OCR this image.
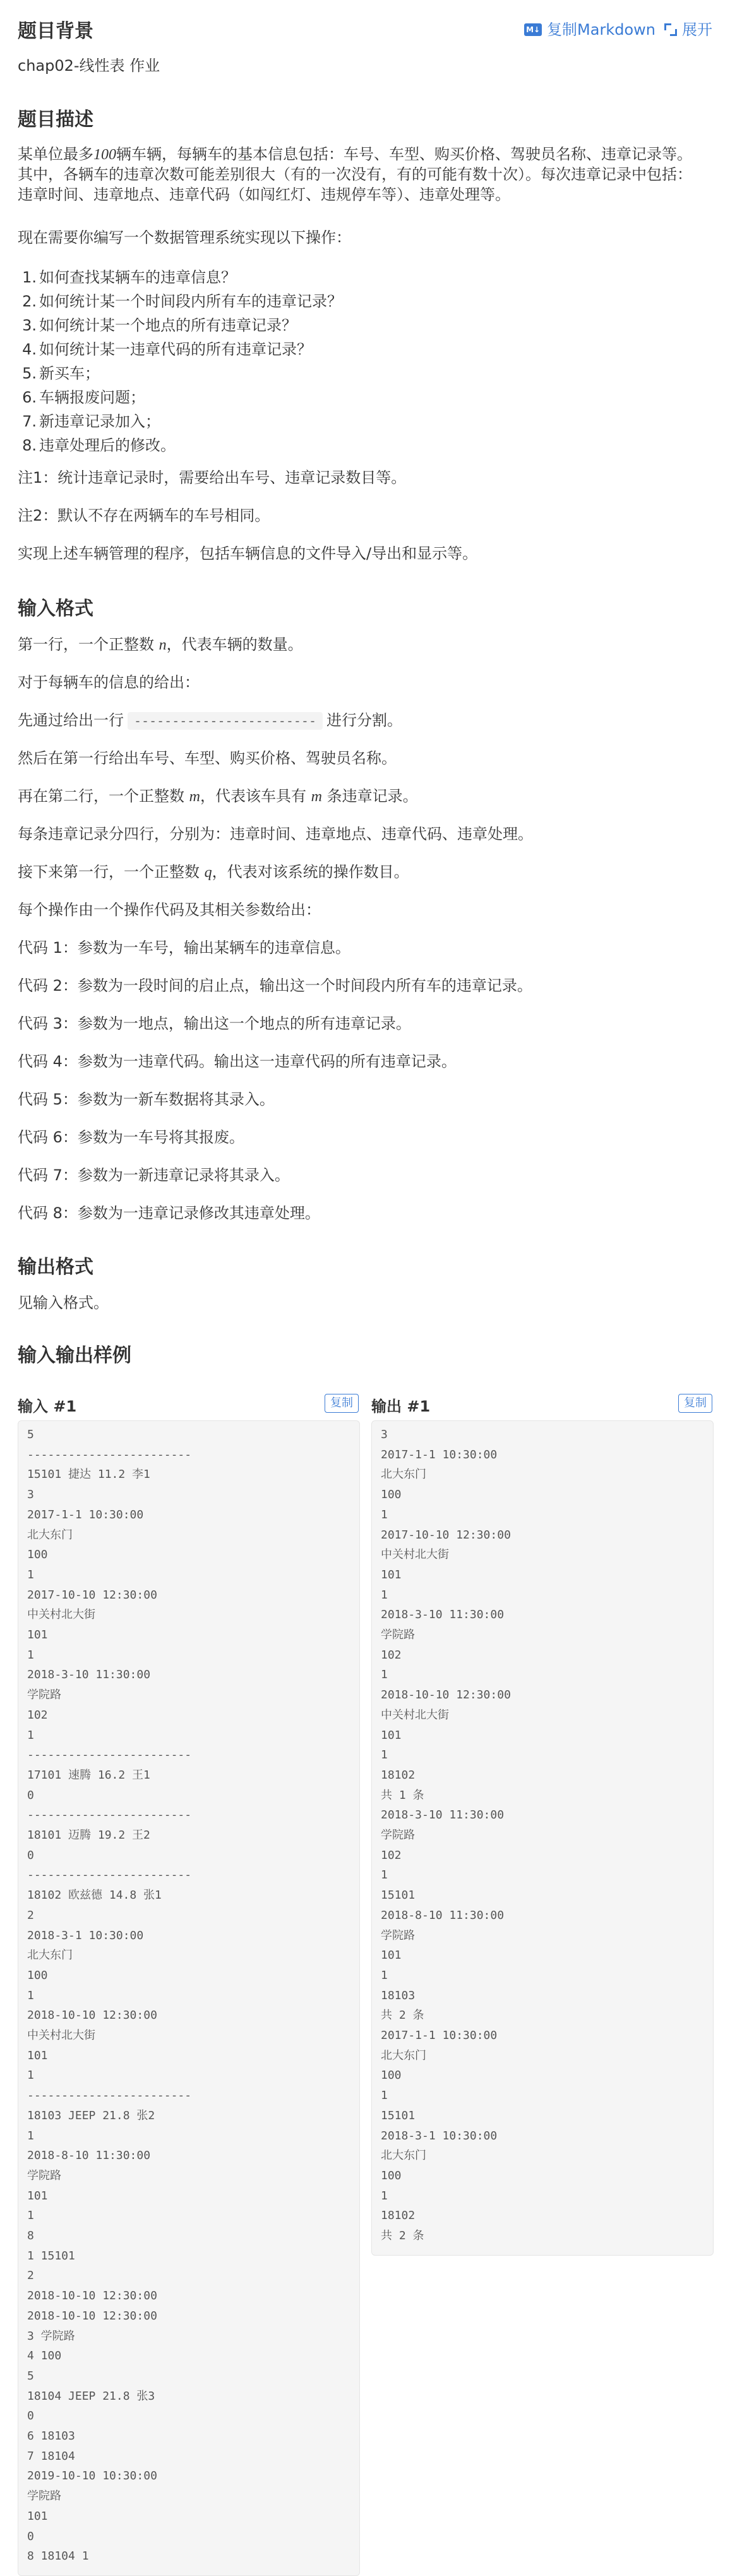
题目背景	M↓ 复制Markdown 展开
chap02-线性表 作业
题目描述
某单位最多100辆车辆，每辆车的基本信息包括：车号、车型、购买价格、驾驶员名称、违章记录等。
其中，各辆车的违章次数可能差别很大（有的一次没有，有的可能有数十次）。每次违章记录中包括：
违章时间、违章地点、违章代码（如闯红灯、违规停车等）、违章处理等。
现在需要你编写一个数据管理系统实现以下操作：
1. 如何查找某辆车的违章信息？
2. 如何统计某一个时间段内所有车的违章记录？
3. 如何统计某一个地点的所有违章记录？
4. 如何统计某一违章代码的所有违章记录？
5. 新买车；
6. 车辆报废问题；
7. 新违章记录加入；
8. 违章处理后的修改。
注1：统计违章记录时，需要给出车号、违章记录数目等。
注2：默认不存在两辆车的车号相同。
实现上述车辆管理的程序，包括车辆信息的文件导入/导出和显示等。
输入格式
第一行，一个正整数 n，代表车辆的数量。
对于每辆车的信息的给出：
先通过给出一行 ------------------------ 进行分割。
然后在第一行给出车号、车型、购买价格、驾驶员名称。
再在第二行，一个正整数 m，代表该车具有 m 条违章记录。
每条违章记录分四行，分别为：违章时间、违章地点、违章代码、违章处理。
接下来第一行，一个正整数 q，代表对该系统的操作数目。
每个操作由一个操作代码及其相关参数给出：
代码 1：参数为一车号，输出某辆车的违章信息。
代码 2：参数为一段时间的启止点，输出这一个时间段内所有车的违章记录。
代码 3：参数为一地点，输出这一个地点的所有违章记录。
代码 4：参数为一违章代码。输出这一违章代码的所有违章记录。
代码 5：参数为一新车数据将其录入。
代码 6：参数为一车号将其报废。
代码 7：参数为一新违章记录将其录入。
代码 8：参数为一违章记录修改其违章处理。
输出格式
见输入格式。
输入输出样例
输入 #1	复制
5
------------------------
15101 捷达 11.2 李1
3
2017-1-1 10:30:00
北大东门
100
1
2017-10-10 12:30:00
中关村北大街
101
1
2018-3-10 11:30:00
学院路
102
1
------------------------
17101 速腾 16.2 王1
0
------------------------
18101 迈腾 19.2 王2
0
------------------------
18102 欧兹德 14.8 张1
2
2018-3-1 10:30:00
北大东门
100
1
2018-10-10 12:30:00
中关村北大街
101
1
------------------------
18103 JEEP 21.8 张2
1
2018-8-10 11:30:00
学院路
101
1
8
1 15101
2
2018-10-10 12:30:00
2018-10-10 12:30:00
3 学院路
4 100
5
18104 JEEP 21.8 张3
0
6 18103
7 18104
2019-10-10 10:30:00
学院路
101
0
8 18104 1
输出 #1	复制
3
2017-1-1 10:30:00
北大东门
100
1
2017-10-10 12:30:00
中关村北大街
101
1
2018-3-10 11:30:00
学院路
102
1
2018-10-10 12:30:00
中关村北大街
101
1
18102
共 1 条
2018-3-10 11:30:00
学院路
102
1
15101
2018-8-10 11:30:00
学院路
101
1
18103
共 2 条
2017-1-1 10:30:00
北大东门
100
1
15101
2018-3-1 10:30:00
北大东门
100
1
18102
共 2 条
